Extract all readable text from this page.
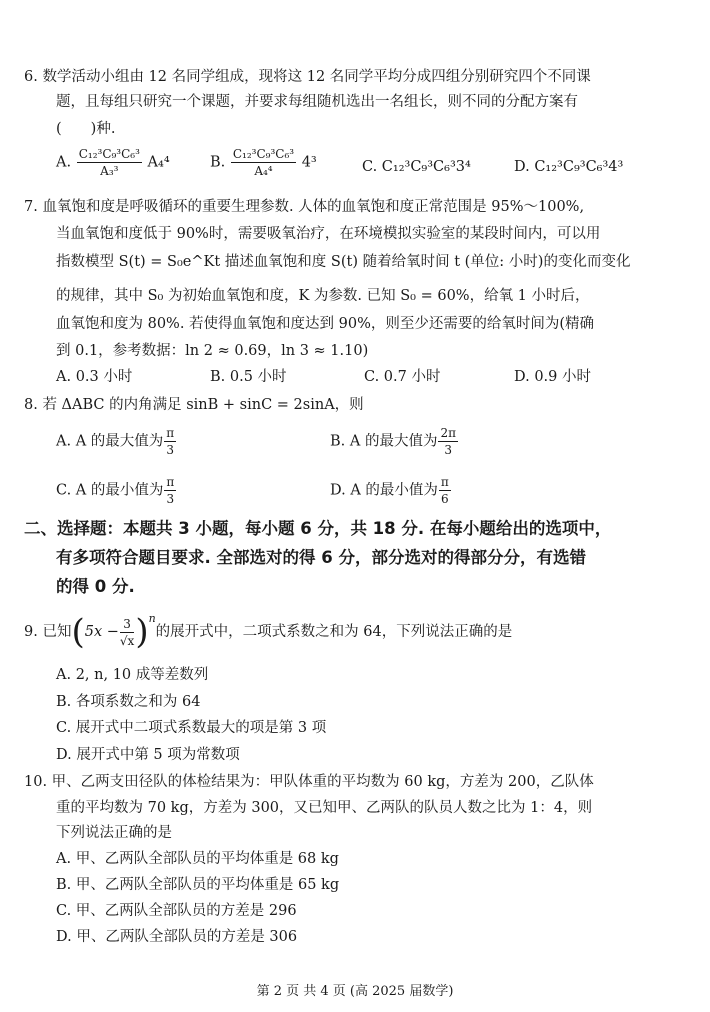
6. 数学活动小组由 12 名同学组成，现将这 12 名同学平均分成四组分别研究四个不同课
题，且每组只研究一个课题，并要求每组随机选出一名组长，则不同的分配方案有
(　　)种.
A. $\frac{\text{C₁₂³C₉³C₆³}}{\text{A₃³}} A_4^4$	B. $\frac{\text{C₁₂³C₉³C₆³}}{\text{A₄⁴}} 4^3$	C. C₁₂³C₉³C₆³3⁴	D. C₁₂³C₉³C₆³4³
7. 血氧饱和度是呼吸循环的重要生理参数. 人体的血氧饱和度正常范围是 95%～100%,
当血氧饱和度低于 90%时，需要吸氧治疗，在环境模拟实验室的某段时间内，可以用
指数模型 S(t) = S₀e^Kt 描述血氧饱和度 S(t) 随着给氧时间 t (单位: 小时)的变化而变化
的规律，其中 S₀ 为初始血氧饱和度，K 为参数. 已知 S₀ = 60%，给氧 1 小时后，
血氧饱和度为 80%. 若使得血氧饱和度达到 90%，则至少还需要的给氧时间为(精确
到 0.1，参考数据：ln 2 ≈ 0.69，ln 3 ≈ 1.10)
A. 0.3 小时	B. 0.5 小时	C. 0.7 小时	D. 0.9 小时
8. 若 ΔABC 的内角满足 sinB + sinC = 2sinA，则
A. A 的最大值为 $\frac{\pi}{3}$	B. A 的最大值为 $\frac{2\pi}{3}$
C. A 的最小值为 $\frac{\pi}{3}$	D. A 的最小值为 $\frac{\pi}{6}$
二、选择题：本题共 3 小题，每小题 6 分，共 18 分. 在每小题给出的选项中，
有多项符合题目要求. 全部选对的得 6 分，部分选对的得部分分，有选错
的得 0 分.
9. 已知$(5x - \frac{3}{√x} )^n$的展开式中，二项式系数之和为 64，下列说法正确的是
A. 2, n, 10 成等差数列
B. 各项系数之和为 64
C. 展开式中二项式系数最大的项是第 3 项
D. 展开式中第 5 项为常数项
10. 甲、乙两支田径队的体检结果为：甲队体重的平均数为 60 kg，方差为 200，乙队体
重的平均数为 70 kg，方差为 300，又已知甲、乙两队的队员人数之比为 1：4，则
下列说法正确的是
A. 甲、乙两队全部队员的平均体重是 68 kg
B. 甲、乙两队全部队员的平均体重是 65 kg
C. 甲、乙两队全部队员的方差是 296
D. 甲、乙两队全部队员的方差是 306
第 2 页 共 4 页 (高 2025 届数学)
